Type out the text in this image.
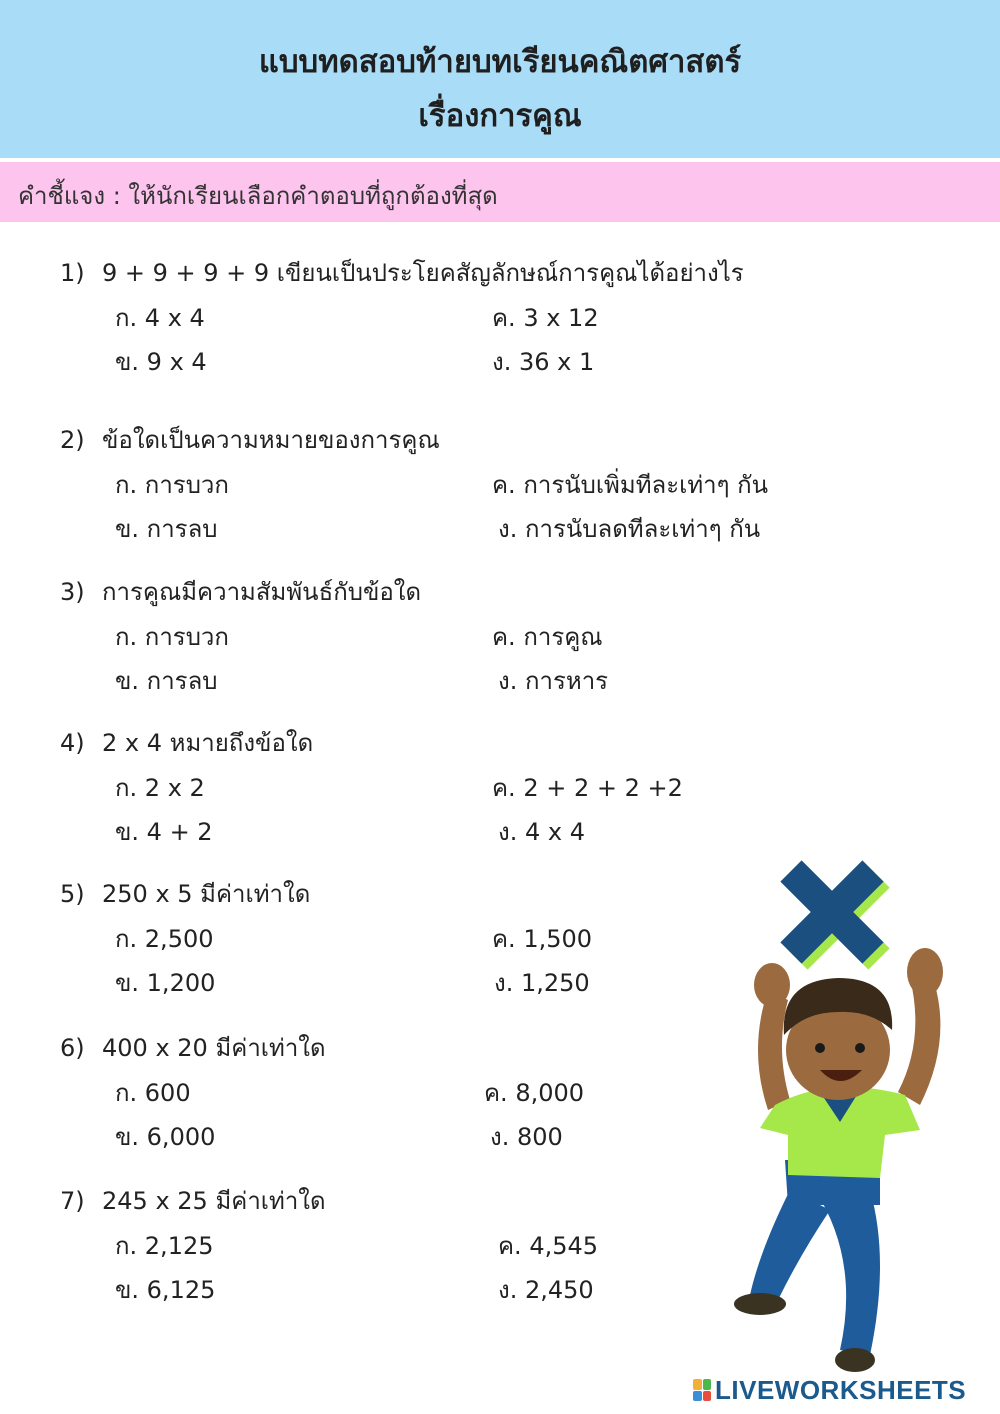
แบบทดสอบท้ายบทเรียนคณิตศาสตร์
เรื่องการคูณ
คำชี้แจง : ให้นักเรียนเลือกคำตอบที่ถูกต้องที่สุด
1) 9 + 9 + 9 + 9 เขียนเป็นประโยคสัญลักษณ์การคูณได้อย่างไร
ก. 4 x 4
ข. 9 x 4
ค. 3 x 12
ง. 36 x 1
2) ข้อใดเป็นความหมายของการคูณ
ก. การบวก
ข. การลบ
ค. การนับเพิ่มทีละเท่าๆ กัน
ง. การนับลดทีละเท่าๆ กัน
3) การคูณมีความสัมพันธ์กับข้อใด
ก. การบวก
ข. การลบ
ค. การคูณ
ง. การหาร
4) 2 x 4 หมายถึงข้อใด
ก. 2 x 2
ข. 4 + 2
ค. 2 + 2 + 2 +2
ง. 4 x 4
5) 250 x 5 มีค่าเท่าใด
ก. 2,500
ข. 1,200
ค. 1,500
ง. 1,250
6) 400 x 20 มีค่าเท่าใด
ก. 600
ข. 6,000
ค. 8,000
ง. 800
7) 245 x 25 มีค่าเท่าใด
ก. 2,125
ข. 6,125
ค. 4,545
ง. 2,450
LIVEWORKSHEETS
